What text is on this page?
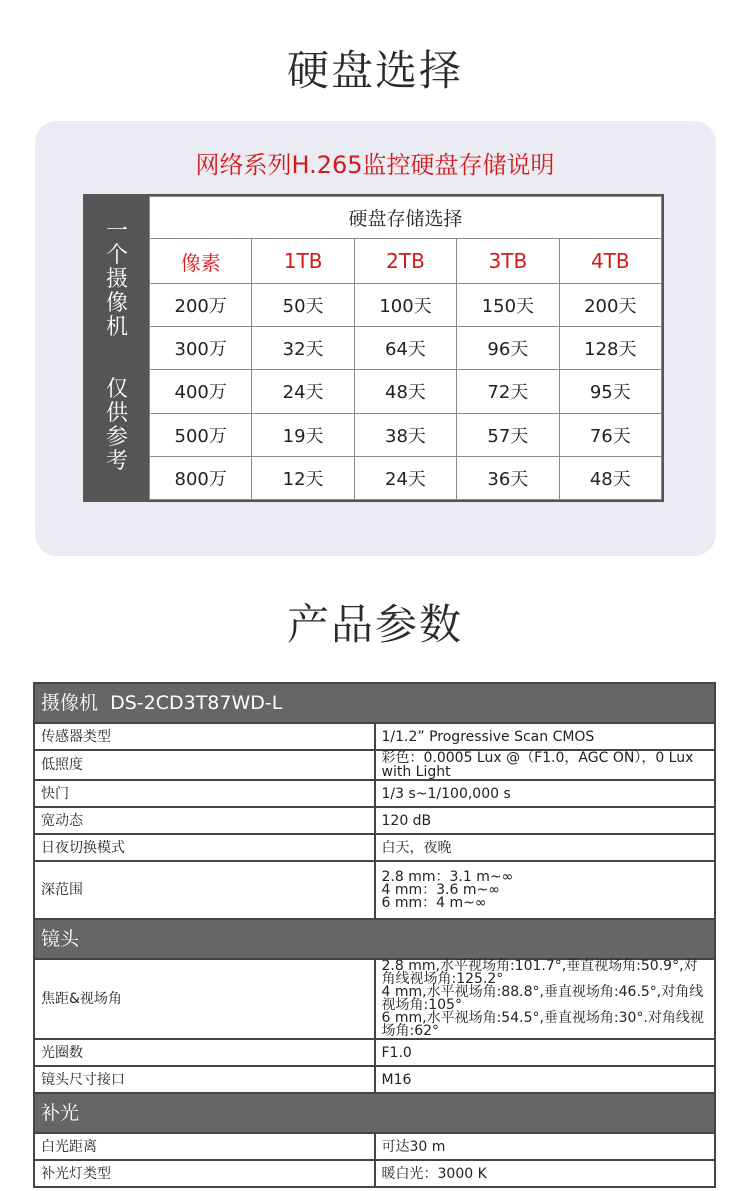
硬盘选择
网络系列H.265监控硬盘存储说明
一
个
摄
像
机
仅
供
参
考
硬盘存储选择				
像素	1TB	2TB	3TB	4TB
200万	50天	100天	150天	200天
300万	32天	64天	96天	128天
400万	24天	48天	72天	95天
500万	19天	38天	57天	76天
800万	12天	24天	36天	48天
产品参数
摄像机  DS-2CD3T87WD-L	
传感器类型	1/1.2” Progressive Scan CMOS
低照度	彩色：0.0005 Lux @（F1.0，AGC ON），0 Lux with Light
快门	1/3 s~1/100,000 s
宽动态	120 dB
日夜切换模式	白天，夜晚
深范围	2.8 mm：3.1 m~∞
4 mm：3.6 m~∞
6 mm：4 m~∞

镜头	
焦距&视场角	2.8 mm,水平视场角:101.7°,垂直视场角:50.9°,对角线视场角:125.2°
4 mm,水平视场角:88.8°,垂直视场角:46.5°,对角线视场角:105°
6 mm,水平视场角:54.5°,垂直视场角:30°.对角线视场角:62°

光圈数	F1.0
镜头尺寸接口	M16
补光	
白光距离	可达30 m
补光灯类型	暖白光：3000 K
